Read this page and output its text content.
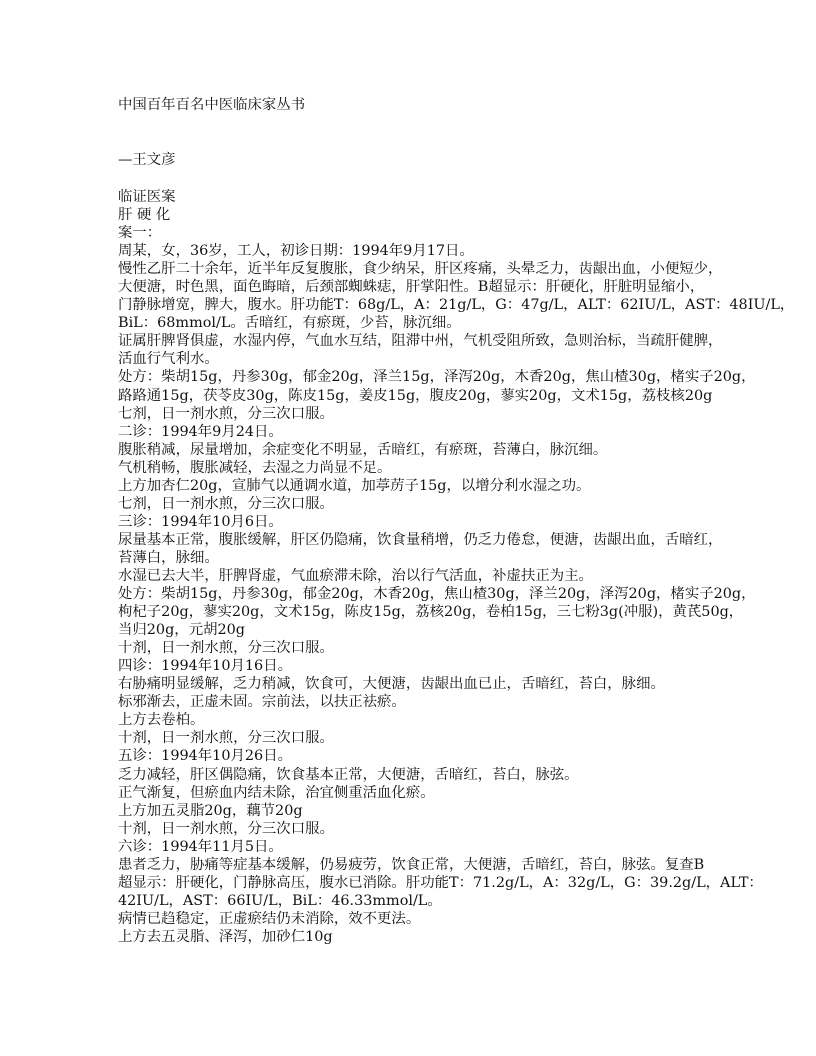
中国百年百名中医临床家丛书
—王文彦
临证医案
肝 硬 化
案一：
周某，女，36岁，工人，初诊日期：1994年9月17日。
慢性乙肝二十余年，近半年反复腹胀，食少纳呆，肝区疼痛，头晕乏力，齿龈出血，小便短少，
大便溏，时色黑，面色晦暗，后颈部蜘蛛痣，肝掌阳性。B超显示：肝硬化，肝脏明显缩小，
门静脉增宽，脾大，腹水。肝功能T：68g/L，A：21g/L，G：47g/L，ALT：62IU/L，AST：48IU/L，
BiL：68mmol/L。舌暗红，有瘀斑，少苔，脉沉细。
证属肝脾肾俱虚，水湿内停，气血水互结，阻滞中州，气机受阻所致，急则治标，当疏肝健脾，
活血行气利水。
处方：柴胡15g，丹参30g，郁金20g，泽兰15g，泽泻20g，木香20g，焦山楂30g，楮实子20g，
路路通15g，茯苓皮30g，陈皮15g，姜皮15g，腹皮20g，蓼实20g，文术15g，荔枝核20g
七剂，日一剂水煎，分三次口服。
二诊：1994年9月24日。
腹胀稍减，尿量增加，余症变化不明显，舌暗红，有瘀斑，苔薄白，脉沉细。
气机稍畅，腹胀减轻，去湿之力尚显不足。
上方加杏仁20g，宣肺气以通调水道，加葶苈子15g，以增分利水湿之功。
七剂，日一剂水煎，分三次口服。
三诊：1994年10月6日。
尿量基本正常，腹胀缓解，肝区仍隐痛，饮食量稍增，仍乏力倦怠，便溏，齿龈出血，舌暗红，
苔薄白，脉细。
水湿已去大半，肝脾肾虚，气血瘀滞未除，治以行气活血，补虚扶正为主。
处方：柴胡15g，丹参30g，郁金20g，木香20g，焦山楂30g，泽兰20g，泽泻20g，楮实子20g，
枸杞子20g，蓼实20g，文术15g，陈皮15g，荔核20g，卷柏15g，三七粉3g(冲服)，黄芪50g，
当归20g，元胡20g
十剂，日一剂水煎，分三次口服。
四诊：1994年10月16日。
右胁痛明显缓解，乏力稍减，饮食可，大便溏，齿龈出血已止，舌暗红，苔白，脉细。
标邪渐去，正虚未固。宗前法，以扶正祛瘀。
上方去卷柏。
十剂，日一剂水煎，分三次口服。
五诊：1994年10月26日。
乏力减轻，肝区偶隐痛，饮食基本正常，大便溏，舌暗红，苔白，脉弦。
正气渐复，但瘀血内结未除，治宜侧重活血化瘀。
上方加五灵脂20g，藕节20g
十剂，日一剂水煎，分三次口服。
六诊：1994年11月5日。
患者乏力，胁痛等症基本缓解，仍易疲劳，饮食正常，大便溏，舌暗红，苔白，脉弦。复查B
超显示：肝硬化，门静脉高压，腹水已消除。肝功能T：71.2g/L，A：32g/L，G：39.2g/L，ALT：
42IU/L，AST：66IU/L，BiL：46.33mmol/L。
病情已趋稳定，正虚瘀结仍未消除，效不更法。
上方去五灵脂、泽泻，加砂仁10g
